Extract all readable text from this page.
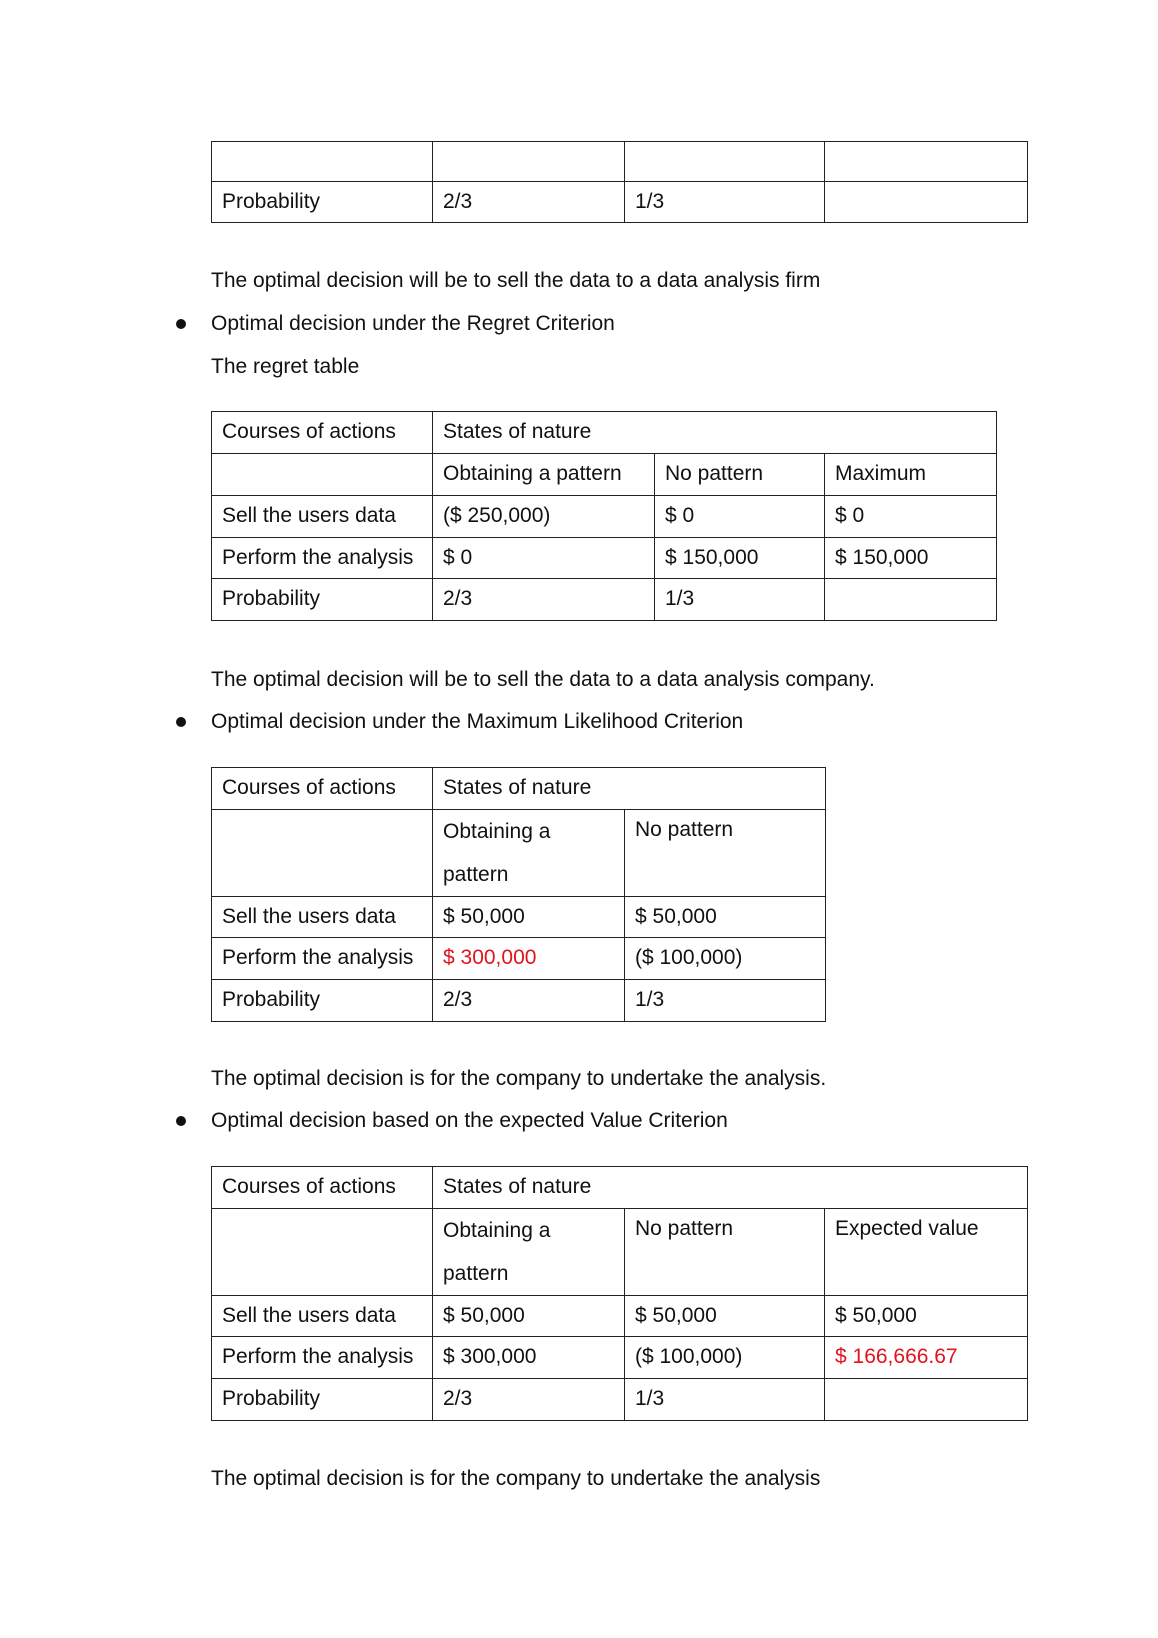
Probability	2/3	1/3	

The optimal decision will be to sell the data to a data analysis firm

Optimal decision under the Regret Criterion

The regret table

Courses of actions	States of nature		
	Obtaining a pattern	No pattern	Maximum
Sell the users data	($ 250,000)	$ 0	$ 0
Perform the analysis	$ 0	$ 150,000	$ 150,000
Probability	2/3	1/3	

The optimal decision will be to sell the data to a data analysis company.

Optimal decision under the Maximum Likelihood Criterion

Courses of actions	States of nature	
	Obtaining a pattern	No pattern
Sell the users data	$ 50,000	$ 50,000
Perform the analysis	$ 300,000	($ 100,000)
Probability	2/3	1/3

The optimal decision is for the company to undertake the analysis.

Optimal decision based on the expected Value Criterion

Courses of actions	States of nature		
	Obtaining a pattern	No pattern	Expected value
Sell the users data	$ 50,000	$ 50,000	$ 50,000
Perform the analysis	$ 300,000	($ 100,000)	$ 166,666.67
Probability	2/3	1/3	

The optimal decision is for the company to undertake the analysis
